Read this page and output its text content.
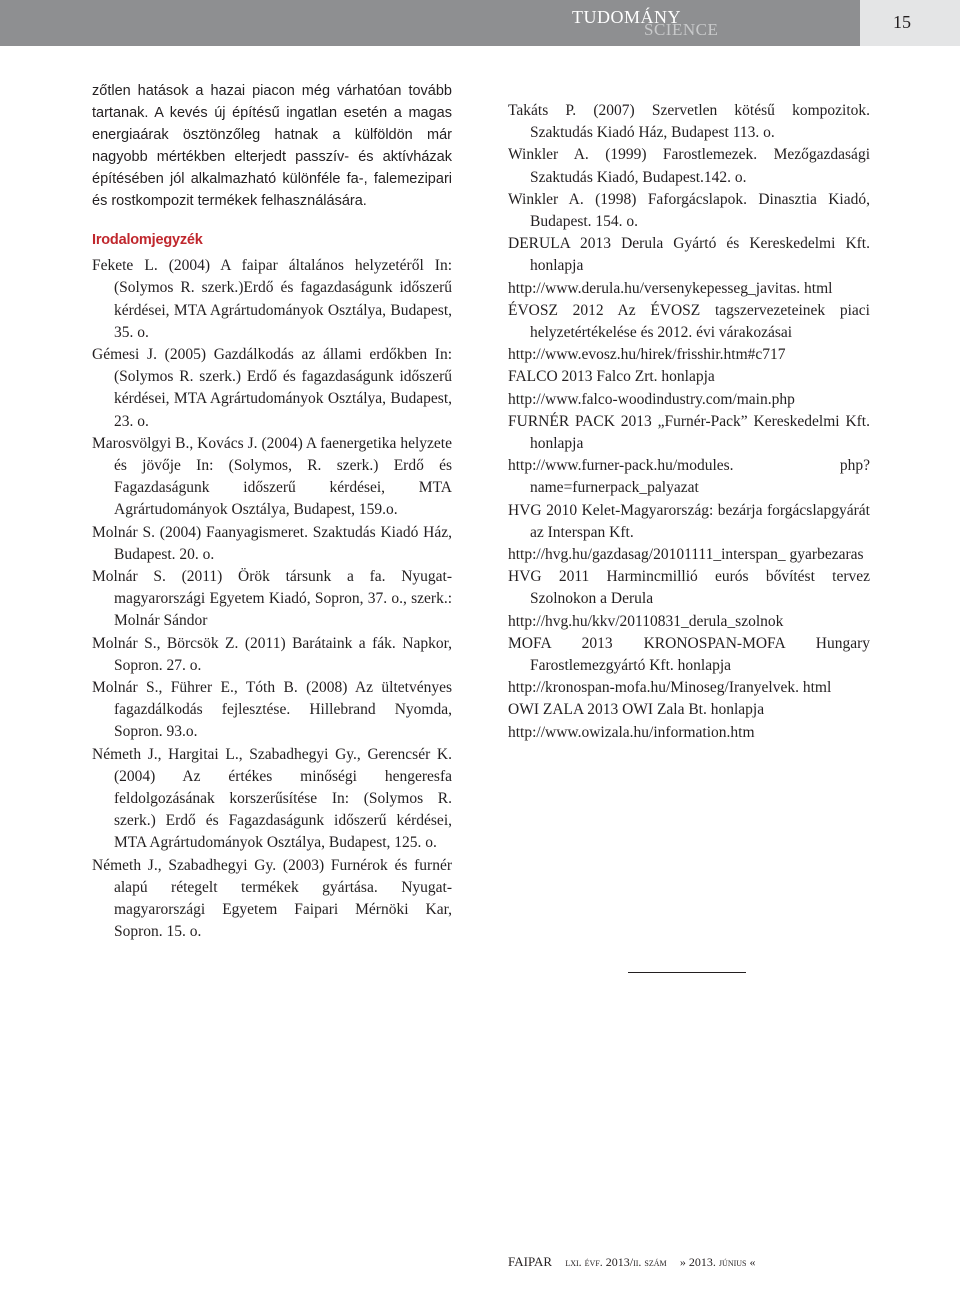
TUDOMÁNY
SCIENCE	15

zőtlen hatások a hazai piacon még várhatóan tovább tartanak. A kevés új építésű ingatlan esetén a magas energiaárak ösztönzőleg hatnak a külföldön már nagyobb mértékben elterjedt passzív- és aktívházak építésében jól alkalmazható különféle fa-, falemezipari és rostkompozit termékek felhasználására.

Irodalomjegyzék

Fekete L. (2004) A faipar általános helyzetéről In: (Solymos R. szerk.)Erdő és fagazdaságunk időszerű kérdései, MTA Agrártudományok Osztálya, Budapest, 35. o.

Gémesi J. (2005) Gazdálkodás az állami erdőkben In: (Solymos R. szerk.) Erdő és fagazdaságunk időszerű kérdései, MTA Agrártudományok Osztálya, Budapest, 23. o.

Marosvölgyi B., Kovács J. (2004) A faenergetika helyzete és jövője In: (Solymos, R. szerk.) Erdő és Fagazdaságunk időszerű kérdései, MTA Agrártudományok Osztálya, Budapest, 159.o.

Molnár S. (2004) Faanyagismeret. Szaktudás Kiadó Ház, Budapest. 20. o.

Molnár S. (2011) Örök társunk a fa. Nyugat-magyarországi Egyetem Kiadó, Sopron, 37. o., szerk.: Molnár Sándor

Molnár S., Börcsök Z. (2011) Barátaink a fák. Napkor, Sopron. 27. o.

Molnár S., Führer E., Tóth B. (2008) Az ültetvényes fagazdálkodás fejlesztése. Hillebrand Nyomda, Sopron. 93.o.

Németh J., Hargitai L., Szabadhegyi Gy., Gerencsér K. (2004) Az értékes minőségi hengeresfa feldolgozásának korszerűsítése In: (Solymos R. szerk.) Erdő és Fagazdaságunk időszerű kérdései, MTA Agrártudományok Osztálya, Budapest, 125. o.

Németh J., Szabadhegyi Gy. (2003) Furnérok és furnér alapú rétegelt termékek gyártása. Nyugat-magyarországi Egyetem Faipari Mérnöki Kar, Sopron. 15. o.

Takáts P. (2007) Szervetlen kötésű kompozitok. Szaktudás Kiadó Ház, Budapest 113. o.

Winkler A. (1999) Farostlemezek. Mezőgazdasági Szaktudás Kiadó, Budapest.142. o.

Winkler A. (1998) Faforgácslapok. Dinasztia Kiadó, Budapest. 154. o.

DERULA 2013 Derula Gyártó és Kereskedelmi Kft. honlapja

http://www.derula.hu/versenykepesseg_javitas. html

ÉVOSZ 2012 Az ÉVOSZ tagszervezeteinek piaci helyzetértékelése és 2012. évi várakozásai

http://www.evosz.hu/hirek/frisshir.htm#c717

FALCO 2013 Falco Zrt. honlapja

http://www.falco-woodindustry.com/main.php

FURNÉR PACK 2013 „Furnér-Pack” Kereskedelmi Kft. honlapja

http://www.furner-pack.hu/modules. php?name=furnerpack_palyazat

HVG 2010 Kelet-Magyarország: bezárja forgácslapgyárát az Interspan Kft.

http://hvg.hu/gazdasag/20101111_interspan_ gyarbezaras

HVG 2011 Harmincmillió eurós bővítést tervez Szolnokon a Derula

http://hvg.hu/kkv/20110831_derula_szolnok

MOFA 2013 KRONOSPAN-MOFA Hungary Farostlemezgyártó Kft. honlapja

http://kronospan-mofa.hu/Minoseg/Iranyelvek. html

OWI ZALA 2013 OWI Zala Bt. honlapja

http://www.owizala.hu/information.htm

FAIPAR lxi. évf. 2013/ii. szám » 2013. június «
